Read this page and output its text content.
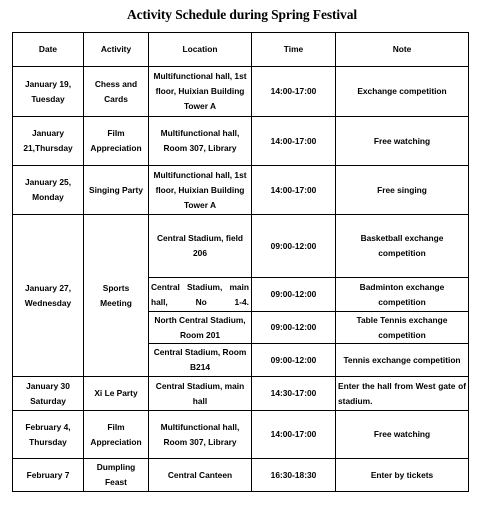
Activity Schedule during Spring Festival
Date	Activity	Location	Time	Note
January 19, Tuesday	Chess and Cards	Multifunctional hall, 1st floor, Huixian Building Tower A	14:00-17:00	Exchange competition
January 21,Thursday	Film Appreciation	Multifunctional hall, Room 307, Library	14:00-17:00	Free watching
January 25, Monday	Singing Party	Multifunctional hall, 1st floor, Huixian Building Tower A	14:00-17:00	Free singing
January 27, Wednesday	Sports Meeting	Central Stadium, field 206	09:00-12:00	Basketball exchange competition
		Central Stadium, main hall, No 1-4.	09:00-12:00	Badminton exchange competition
		North Central Stadium, Room 201	09:00-12:00	Table Tennis exchange competition
		Central Stadium, Room B214	09:00-12:00	Tennis exchange competition
January 30 Saturday	Xi Le Party	Central Stadium, main hall	14:30-17:00	Enter the hall from West gate of stadium.
February 4, Thursday	Film Appreciation	Multifunctional hall, Room 307, Library	14:00-17:00	Free watching
February 7	Dumpling Feast	Central Canteen	16:30-18:30	Enter by tickets
